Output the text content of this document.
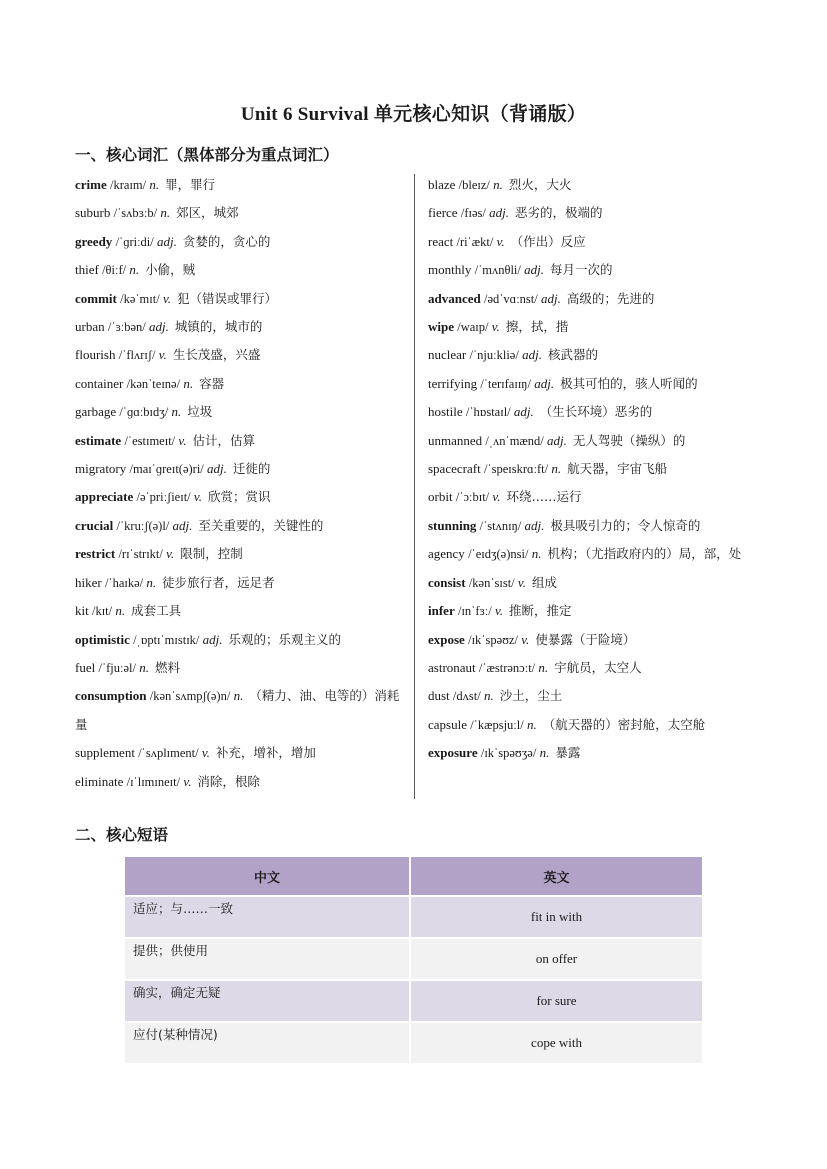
Unit 6 Survival 单元核心知识（背诵版）
一、核心词汇（黑体部分为重点词汇）
crime /kraɪm/ n. 罪，罪行
suburb /ˈsʌbɜːb/ n. 郊区，城郊
greedy /ˈɡriːdi/ adj. 贪婪的，贪心的
thief /θiːf/ n. 小偷，贼
commit /kəˈmɪt/ v. 犯（错误或罪行）
urban /ˈɜːbən/ adj. 城镇的，城市的
flourish /ˈflʌrɪʃ/ v. 生长茂盛，兴盛
container /kənˈteɪnə/ n. 容器
garbage /ˈɡɑːbɪdʒ/ n. 垃圾
estimate /ˈestɪmeɪt/ v. 估计，估算
migratory /maɪˈɡreɪt(ə)ri/ adj. 迁徙的
appreciate /əˈpriːʃieɪt/ v. 欣赏；赏识
crucial /ˈkruːʃ(ə)l/ adj. 至关重要的，关键性的
restrict /rɪˈstrɪkt/ v. 限制，控制
hiker /ˈhaɪkə/ n. 徒步旅行者，远足者
kit /kɪt/ n. 成套工具
optimistic /ˌɒptɪˈmɪstɪk/ adj. 乐观的；乐观主义的
fuel /ˈfjuːəl/ n. 燃料
consumption /kənˈsʌmpʃ(ə)n/ n. （精力、油、电等的）消耗量
supplement /ˈsʌplɪment/ v. 补充，增补，增加
eliminate /ɪˈlɪmɪneɪt/ v. 消除，根除
blaze /bleɪz/ n. 烈火，大火
fierce /fɪəs/ adj. 恶劣的，极端的
react /riˈækt/ v. （作出）反应
monthly /ˈmʌnθli/ adj. 每月一次的
advanced /ədˈvɑːnst/ adj. 高级的；先进的
wipe /waɪp/ v. 擦，拭，揩
nuclear /ˈnjuːkliə/ adj. 核武器的
terrifying /ˈterɪfaɪɪŋ/ adj. 极其可怕的，骇人听闻的
hostile /ˈhɒstaɪl/ adj. （生长环境）恶劣的
unmanned /ˌʌnˈmænd/ adj. 无人驾驶（操纵）的
spacecraft /ˈspeɪskrɑːft/ n. 航天器，宇宙飞船
orbit /ˈɔːbɪt/ v. 环绕……运行
stunning /ˈstʌnɪŋ/ adj. 极具吸引力的；令人惊奇的
agency /ˈeɪdʒ(ə)nsi/ n. 机构；（尤指政府内的）局，部，处
consist /kənˈsɪst/ v. 组成
infer /ɪnˈfɜː/ v. 推断，推定
expose /ɪkˈspəʊz/ v. 使暴露（于险境）
astronaut /ˈæstrənɔːt/ n. 宇航员，太空人
dust /dʌst/ n. 沙土，尘土
capsule /ˈkæpsjuːl/ n. （航天器的）密封舱，太空舱
exposure /ɪkˈspəʊʒə/ n. 暴露
二、核心短语
中文	英文
适应；与……一致	fit in with
提供；供使用	on offer
确实，确定无疑	for sure
应付(某种情况)	cope with
